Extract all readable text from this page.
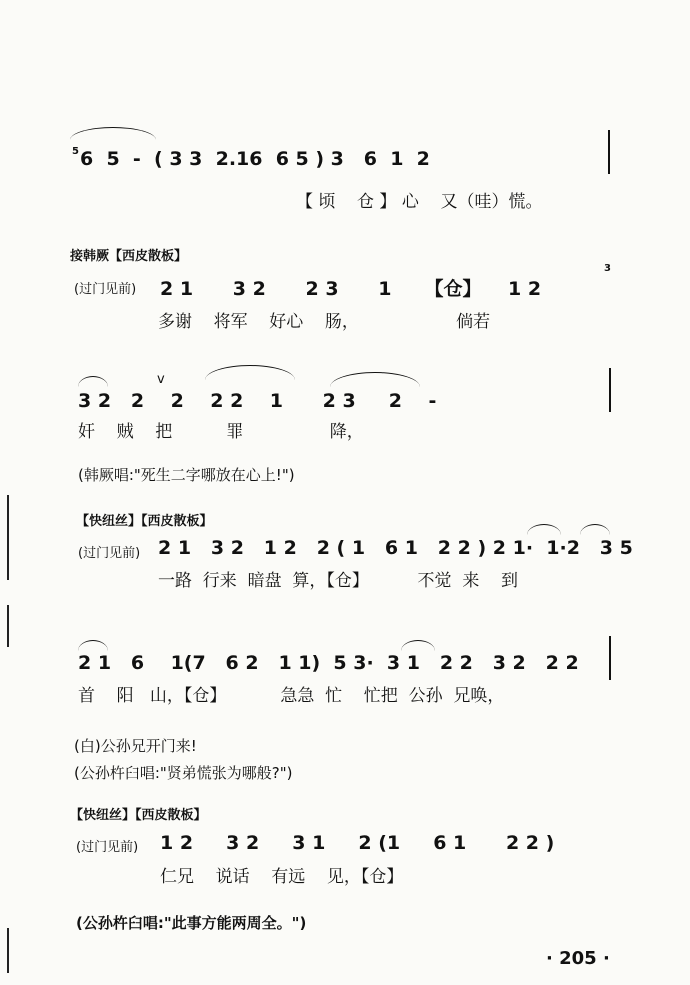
5 6  5  -  ( 3 3  2.16  6 5 ) 3   6  1  2
【 顷    仓 】 心    又（哇）慌。
接韩厥【西皮散板】
(过门见前) 2 1      3 2      2 3      1     【仓】    1 2
3
多谢    将军    好心    肠，                  倘若
3 2   2    2    2 2    1      2 3     2    -
v
奸    贼    把          罪                降，
(韩厥唱:"死生二字哪放在心上!")
【快纽丝】【西皮散板】
(过门见前) 2 1   3 2   1 2   2 ( 1   6 1   2 2 ) 2 1·  1·2   3 5
一路  行来  暗盘  算，【仓】         不觉  来    到
2 1   6    1(7   6 2   1 1)  5 3·  3 1   2 2   3 2   2 2
首    阳   山，【仓】          急急  忙    忙把  公孙  兄唤，
(白)公孙兄开门来!
(公孙杵臼唱:"贤弟慌张为哪般?")
【快纽丝】【西皮散板】
(过门见前) 1 2     3 2     3 1     2 (1     6 1      2 2 )
仁兄    说话    有远    见，【仓】
(公孙杵臼唱:"此事方能两周全。")
· 205 ·
